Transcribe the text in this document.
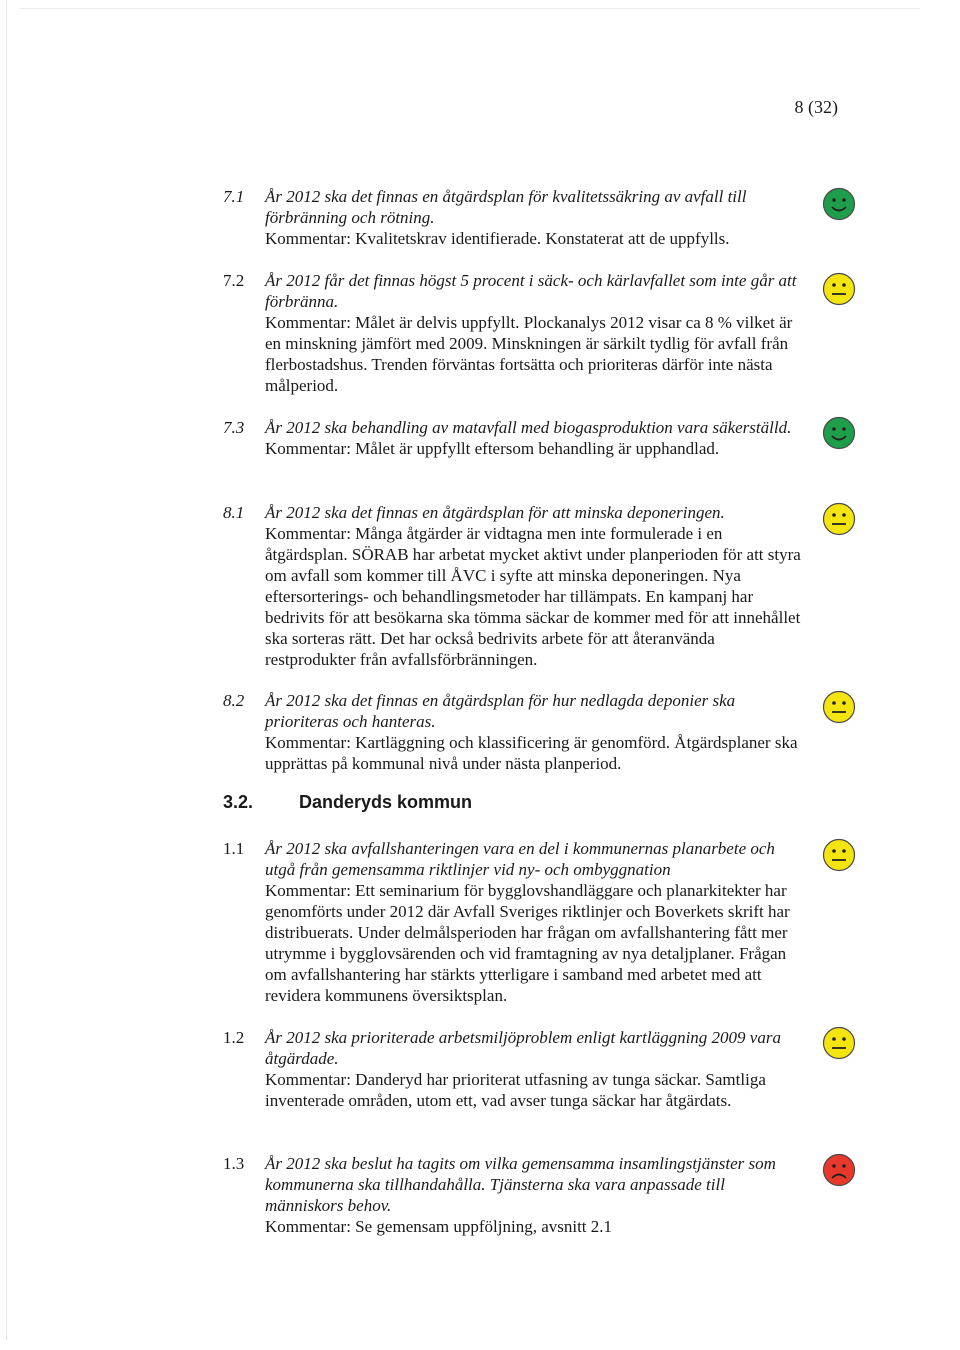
8 (32)
7.1	År 2012 ska det finnas en åtgärdsplan för kvalitetssäkring av avfall till förbränning och rötning.
Kommentar: Kvalitetskrav identifierade. Konstaterat att de uppfylls.
7.2	År 2012 får det finnas högst 5 procent i säck- och kärlavfallet som inte går att förbränna.
Kommentar: Målet är delvis uppfyllt. Plockanalys 2012 visar ca 8 % vilket är en minskning jämfört med 2009. Minskningen är särkilt tydlig för avfall från flerbostadshus. Trenden förväntas fortsätta och prioriteras därför inte nästa målperiod.
7.3	År 2012 ska behandling av matavfall med biogasproduktion vara säkerställd.
Kommentar: Målet är uppfyllt eftersom behandling är upphandlad.
8.1	År 2012 ska det finnas en åtgärdsplan för att minska deponeringen.
Kommentar: Många åtgärder är vidtagna men inte formulerade i en åtgärdsplan. SÖRAB har arbetat mycket aktivt under planperioden för att styra om avfall som kommer till ÅVC i syfte att minska deponeringen. Nya eftersorterings- och behandlingsmetoder har tillämpats. En kampanj har bedrivits för att besökarna ska tömma säckar de kommer med för att innehållet ska sorteras rätt. Det har också bedrivits arbete för att återanvända restprodukter från avfallsförbränningen.
8.2	År 2012 ska det finnas en åtgärdsplan för hur nedlagda deponier ska prioriteras och hanteras.
Kommentar: Kartläggning och klassificering är genomförd. Åtgärdsplaner ska upprättas på kommunal nivå under nästa planperiod.
3.2.	Danderyds kommun
1.1	År 2012 ska avfallshanteringen vara en del i kommunernas planarbete och utgå från gemensamma riktlinjer vid ny- och ombyggnation
Kommentar: Ett seminarium för bygglovshandläggare och planarkitekter har genomförts under 2012 där Avfall Sveriges riktlinjer och Boverkets skrift har distribuerats. Under delmålsperioden har frågan om avfallshantering fått mer utrymme i bygglovsärenden och vid framtagning av nya detaljplaner. Frågan om avfallshantering har stärkts ytterligare i samband med arbetet med att revidera kommunens översiktsplan.
1.2	År 2012 ska prioriterade arbetsmiljöproblem enligt kartläggning 2009 vara åtgärdade.
Kommentar: Danderyd har prioriterat utfasning av tunga säckar. Samtliga inventerade områden, utom ett, vad avser tunga säckar har åtgärdats.
1.3	År 2012 ska beslut ha tagits om vilka gemensamma insamlingstjänster som kommunerna ska tillhandahålla. Tjänsterna ska vara anpassade till människors behov.
Kommentar: Se gemensam uppföljning, avsnitt 2.1
